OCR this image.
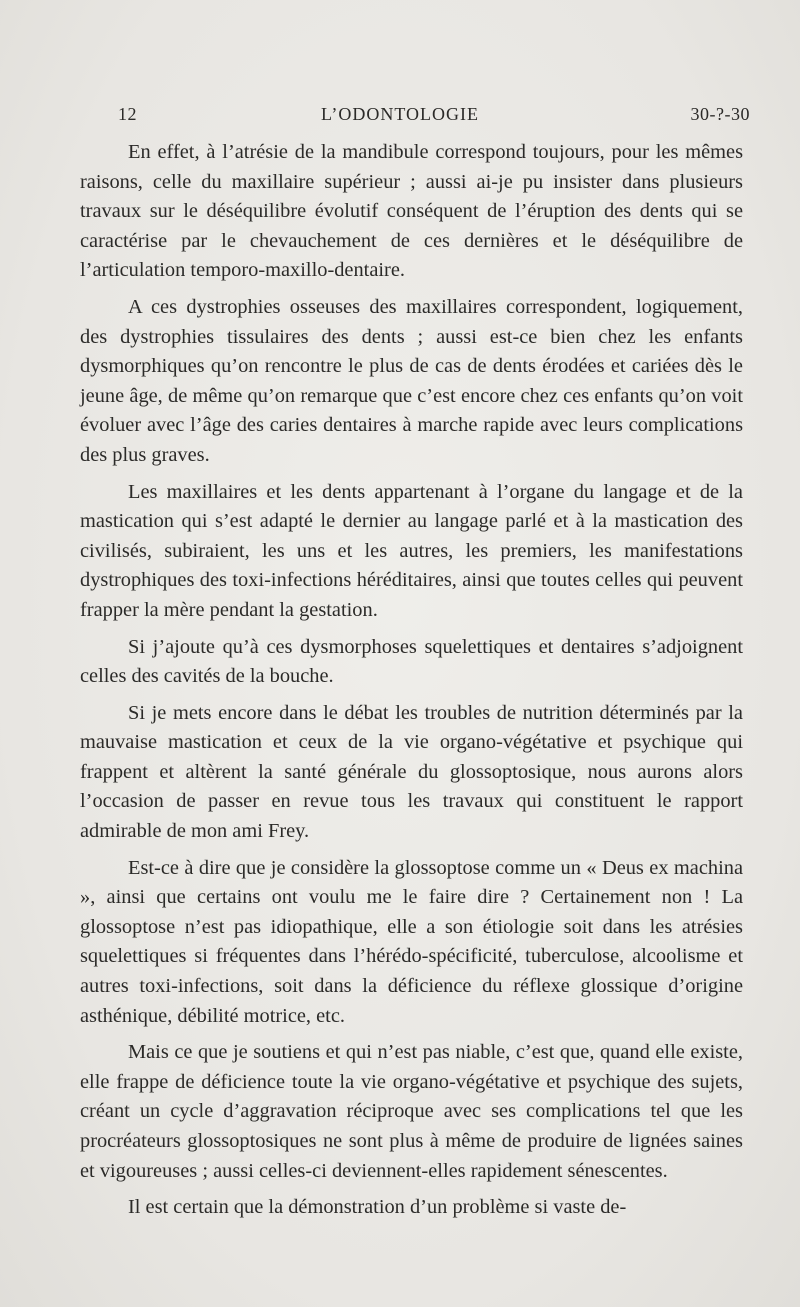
12	L’ODONTOLOGIE	30-?-30

En effet, à l’atrésie de la mandibule correspond toujours, pour les mêmes raisons, celle du maxillaire supérieur ; aussi ai-je pu insister dans plusieurs travaux sur le déséquilibre évolutif conséquent de l’éruption des dents qui se caractérise par le chevauchement de ces dernières et le déséquilibre de l’articulation temporo-maxillo-dentaire.

A ces dystrophies osseuses des maxillaires correspondent, logiquement, des dystrophies tissulaires des dents ; aussi est-ce bien chez les enfants dysmorphiques qu’on rencontre le plus de cas de dents érodées et cariées dès le jeune âge, de même qu’on remarque que c’est encore chez ces enfants qu’on voit évoluer avec l’âge des caries dentaires à marche rapide avec leurs complications des plus graves.

Les maxillaires et les dents appartenant à l’organe du langage et de la mastication qui s’est adapté le dernier au langage parlé et à la mastication des civilisés, subiraient, les uns et les autres, les premiers, les manifestations dystrophiques des toxi-infections héréditaires, ainsi que toutes celles qui peuvent frapper la mère pendant la gestation.

Si j’ajoute qu’à ces dysmorphoses squelettiques et dentaires s’adjoignent celles des cavités de la bouche.

Si je mets encore dans le débat les troubles de nutrition déterminés par la mauvaise mastication et ceux de la vie organo-végétative et psychique qui frappent et altèrent la santé générale du glossoptosique, nous aurons alors l’occasion de passer en revue tous les travaux qui constituent le rapport admirable de mon ami Frey.

Est-ce à dire que je considère la glossoptose comme un « Deus ex machina », ainsi que certains ont voulu me le faire dire ? Certainement non ! La glossoptose n’est pas idiopathique, elle a son étiologie soit dans les atrésies squelettiques si fréquentes dans l’hérédo-spécificité, tuberculose, alcoolisme et autres toxi-infections, soit dans la déficience du réflexe glossique d’origine asthénique, débilité motrice, etc.

Mais ce que je soutiens et qui n’est pas niable, c’est que, quand elle existe, elle frappe de déficience toute la vie organo-végétative et psychique des sujets, créant un cycle d’aggravation réciproque avec ses complications tel que les procréateurs glossoptosiques ne sont plus à même de produire de lignées saines et vigoureuses ; aussi celles-ci deviennent-elles rapidement sénescentes.

Il est certain que la démonstration d’un problème si vaste de-
